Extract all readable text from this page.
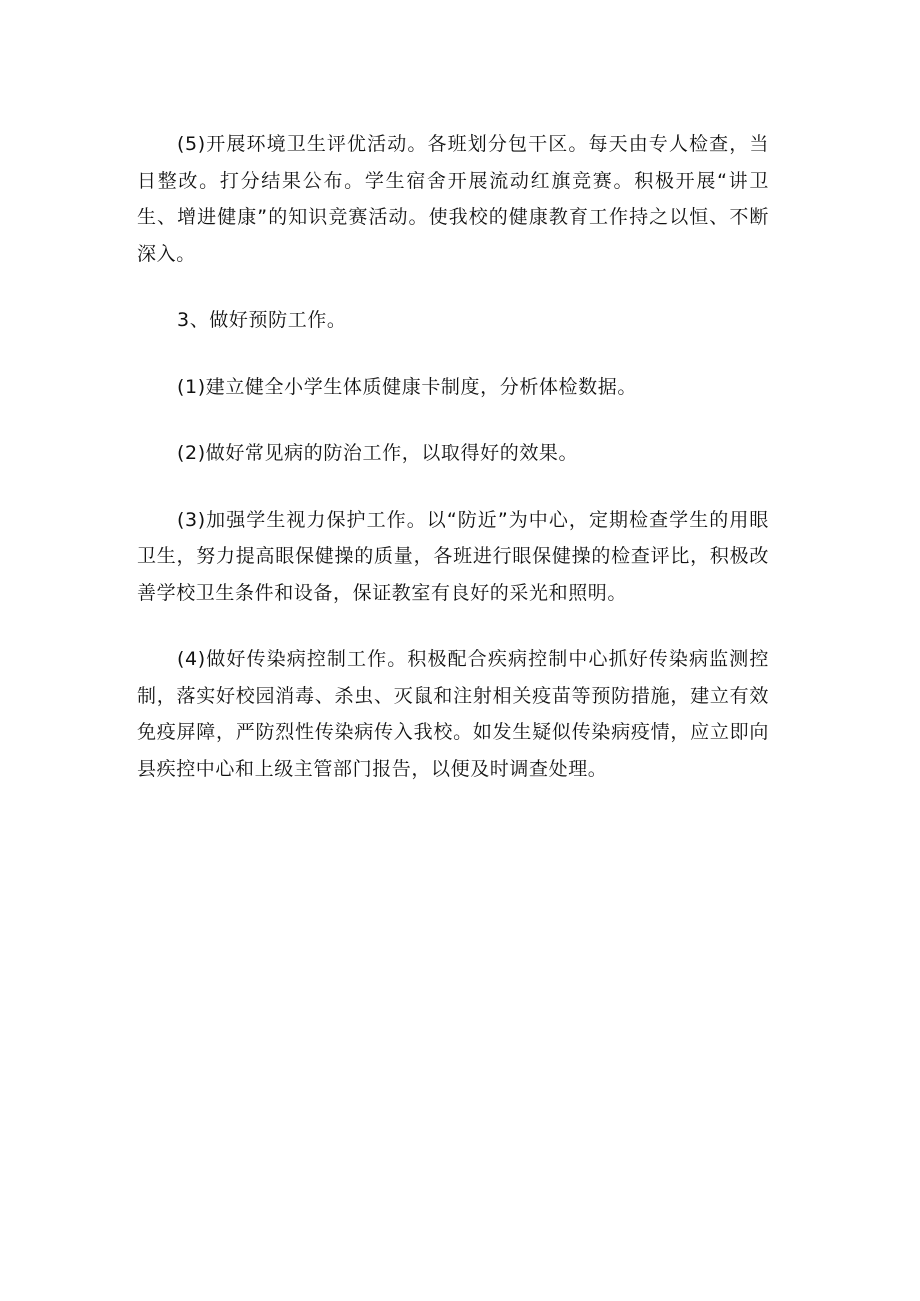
(5)开展环境卫生评优活动。各班划分包干区。每天由专人检查，当日整改。打分结果公布。学生宿舍开展流动红旗竞赛。积极开展“讲卫生、增进健康”的知识竞赛活动。使我校的健康教育工作持之以恒、不断深入。

3、做好预防工作。

(1)建立健全小学生体质健康卡制度，分析体检数据。

(2)做好常见病的防治工作，以取得好的效果。

(3)加强学生视力保护工作。以“防近”为中心，定期检查学生的用眼卫生，努力提高眼保健操的质量，各班进行眼保健操的检查评比，积极改善学校卫生条件和设备，保证教室有良好的采光和照明。

(4)做好传染病控制工作。积极配合疾病控制中心抓好传染病监测控制，落实好校园消毒、杀虫、灭鼠和注射相关疫苗等预防措施，建立有效免疫屏障，严防烈性传染病传入我校。如发生疑似传染病疫情，应立即向县疾控中心和上级主管部门报告，以便及时调查处理。
